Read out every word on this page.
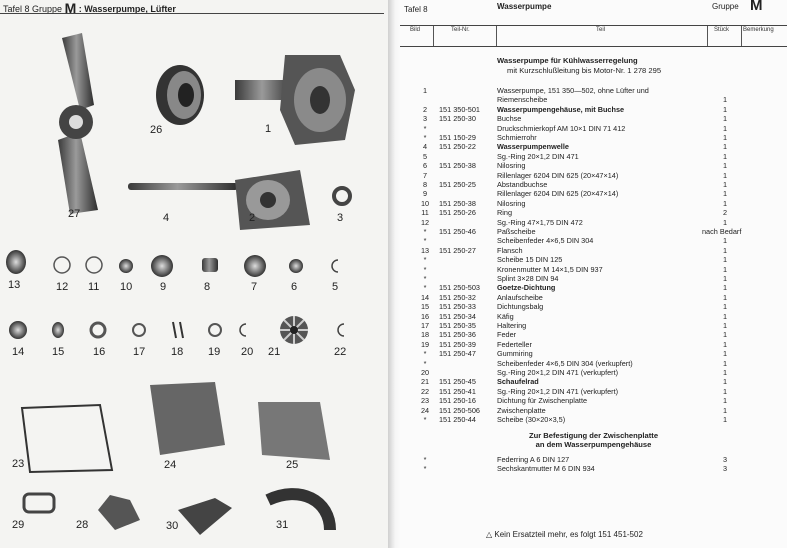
Tafel 8 Gruppe M : Wasserpumpe, Lüfter
27
26	1
4	2	3
13	12 11 10	9	8	7	6	5
14	15	16	17 18 19 20 21	22
23	24	25
29	28	30	31
Tafel 8	Wasserpumpe	Gruppe M
Bild	Teil-Nr.	Teil	Stück Bemerkung
Wasserpumpe für Kühlwasserregelung
mit Kurzschlußleitung bis Motor-Nr. 1 278 295
1	Wasserpumpe, 151 350—502, ohne Lüfter und
Riemenscheibe	1
2	151 350-501 Wasserpumpengehäuse, mit Buchse	1
3	151 250-30	Buchse	1
*	Druckschmierkopf AM 10×1 DIN 71 412	1
*	151 150-29	Schmierrohr	1
4	151 250-22	Wasserpumpenwelle	1
5	Sg.-Ring 20×1,2 DIN 471	1
6	151 250-38	Nilosring	1
7	Rillenlager 6204 DIN 625 (20×47×14)	1
8	151 250-25	Abstandbuchse	1
9	Rillenlager 6204 DIN 625 (20×47×14)	1
10	151 250-38	Nilosring	1
11	151 250-26	Ring	2
12	Sg.-Ring 47×1,75 DIN 472	1
*	151 250-46	Paßscheibe	nach Bedarf
*	Scheibenfeder 4×6,5 DIN 304	1
13	151 250-27	Flansch	1
*	Scheibe 15 DIN 125	1
*	Kronenmutter M 14×1,5 DIN 937	1
*	Splint 3×28 DIN 94	1
*	151 250-503 Goetze-Dichtung	1
14	151 250-32	Anlaufscheibe	1
15	151 250-33	Dichtungsbalg	1
16	151 250-34	Käfig	1
17	151 250-35	Haltering	1
18	151 250-36	Feder	1
19	151 250-39	Federteller	1
*	151 250-47	Gummiring	1
*	Scheibenfeder 4×6,5 DIN 304 (verkupfert)	1
20	Sg.-Ring 20×1,2 DIN 471 (verkupfert)	1
21	151 250-45	Schaufelrad	1
22	151 250-41	Sg.-Ring 20×1,2 DIN 471 (verkupfert)	1
23	151 250-16	Dichtung für Zwischenplatte	1
24	151 250-506 Zwischenplatte	1
*	151 250-44	Scheibe (30×20×3,5)	1
Zur Befestigung der Zwischenplatte
an dem Wasserpumpengehäuse
*	Federring A 6 DIN 127	3
*	Sechskantmutter M 6 DIN 934	3
△ Kein Ersatzteil mehr, es folgt 151 451-502
